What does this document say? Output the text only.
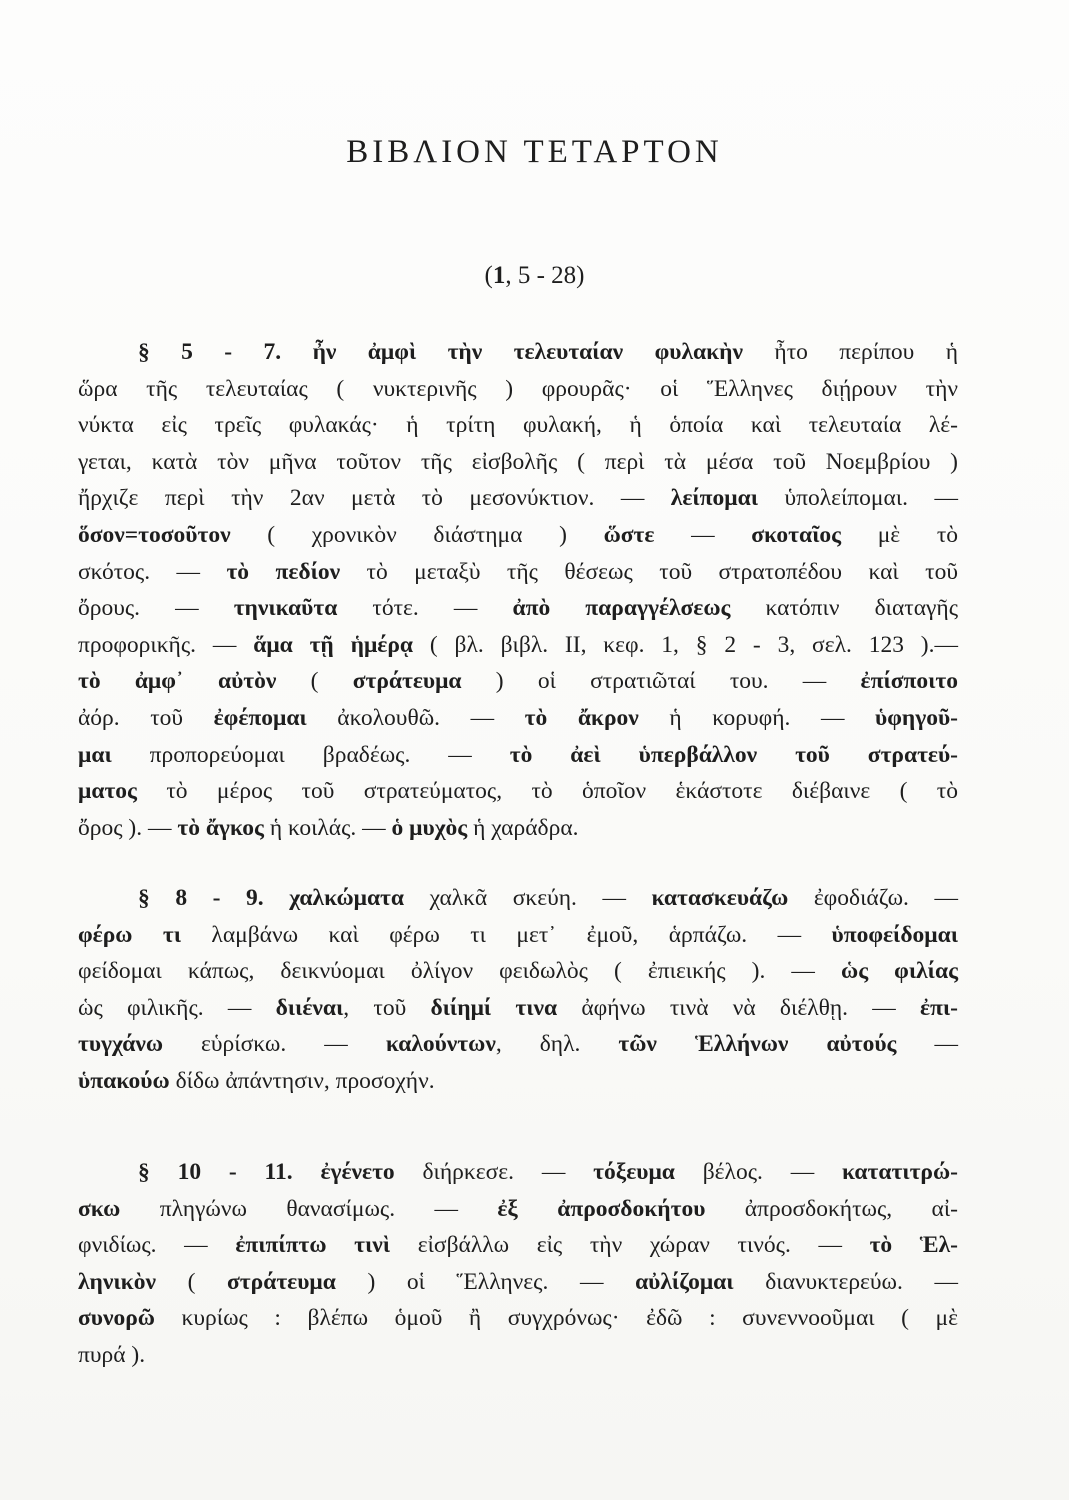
ΒΙΒΛΙΟΝ ΤΕΤΑΡΤΟΝ
(1, 5 - 28)
§ 5 - 7. ἦν ἀμφὶ τὴν τελευταίαν φυλακὴν ἦτο περίπου ἡ
ὥρα τῆς τελευταίας ( νυκτερινῆς ) φρουρᾶς· οἱ Ἕλληνες διῄρουν τὴν
νύκτα εἰς τρεῖς φυλακάς· ἡ τρίτη φυλακή, ἡ ὁποία καὶ τελευταία λέ-
γεται, κατὰ τὸν μῆνα τοῦτον τῆς εἰσβολῆς ( περὶ τὰ μέσα τοῦ Νοεμβρίου )
ἤρχιζε περὶ τὴν 2αν μετὰ τὸ μεσονύκτιον. — λείπομαι ὑπολείπομαι. —
ὅσον=τοσοῦτον ( χρονικὸν διάστημα ) ὥστε — σκοταῖος μὲ τὸ
σκότος. — τὸ πεδίον τὸ μεταξὺ τῆς θέσεως τοῦ στρατοπέδου καὶ τοῦ
ὄρους. — τηνικαῦτα τότε. — ἀπὸ παραγγέλσεως κατόπιν διαταγῆς
προφορικῆς. — ἅμα τῇ ἡμέρᾳ ( βλ. βιβλ. II, κεφ. 1, § 2 - 3, σελ. 123 ).—
τὸ ἀμφ᾽ αὐτὸν ( στράτευμα ) οἱ στρατιῶταί του. — ἐπίσποιτο
ἀόρ. τοῦ ἐφέπομαι ἀκολουθῶ. — τὸ ἄκρον ἡ κορυφή. — ὑφηγοῦ-
μαι προπορεύομαι βραδέως. — τὸ ἀεὶ ὑπερβάλλον τοῦ στρατεύ-
ματος τὸ μέρος τοῦ στρατεύματος, τὸ ὁποῖον ἑκάστοτε διέβαινε ( τὸ
ὄρος ). — τὸ ἄγκος ἡ κοιλάς. — ὁ μυχὸς ἡ χαράδρα.
§ 8 - 9. χαλκώματα χαλκᾶ σκεύη. — κατασκευάζω ἐφοδιάζω. —
φέρω τι λαμβάνω καὶ φέρω τι μετ᾽ ἐμοῦ, ἁρπάζω. — ὑποφείδομαι
φείδομαι κάπως, δεικνύομαι ὀλίγον φειδωλὸς ( ἐπιεικής ). — ὡς φιλίας
ὡς φιλικῆς. — διιέναι, τοῦ διίημί τινα ἀφήνω τινὰ νὰ διέλθῃ. — ἐπι-
τυγχάνω εὑρίσκω. — καλούντων, δηλ. τῶν Ἑλλήνων αὐτούς —
ὑπακούω δίδω ἀπάντησιν, προσοχήν.
§ 10 - 11. ἐγένετο διήρκεσε. — τόξευμα βέλος. — κατατιτρώ-
σκω πληγώνω θανασίμως. — ἐξ ἀπροσδοκήτου ἀπροσδοκήτως, αἰ-
φνιδίως. — ἐπιπίπτω τινὶ εἰσβάλλω εἰς τὴν χώραν τινός. — τὸ Ἑλ-
ληνικὸν ( στράτευμα ) οἱ Ἕλληνες. — αὐλίζομαι διανυκτερεύω. —
συνορῶ κυρίως : βλέπω ὁμοῦ ἢ συγχρόνως· ἐδῶ : συνεννοοῦμαι ( μὲ
πυρά ).
